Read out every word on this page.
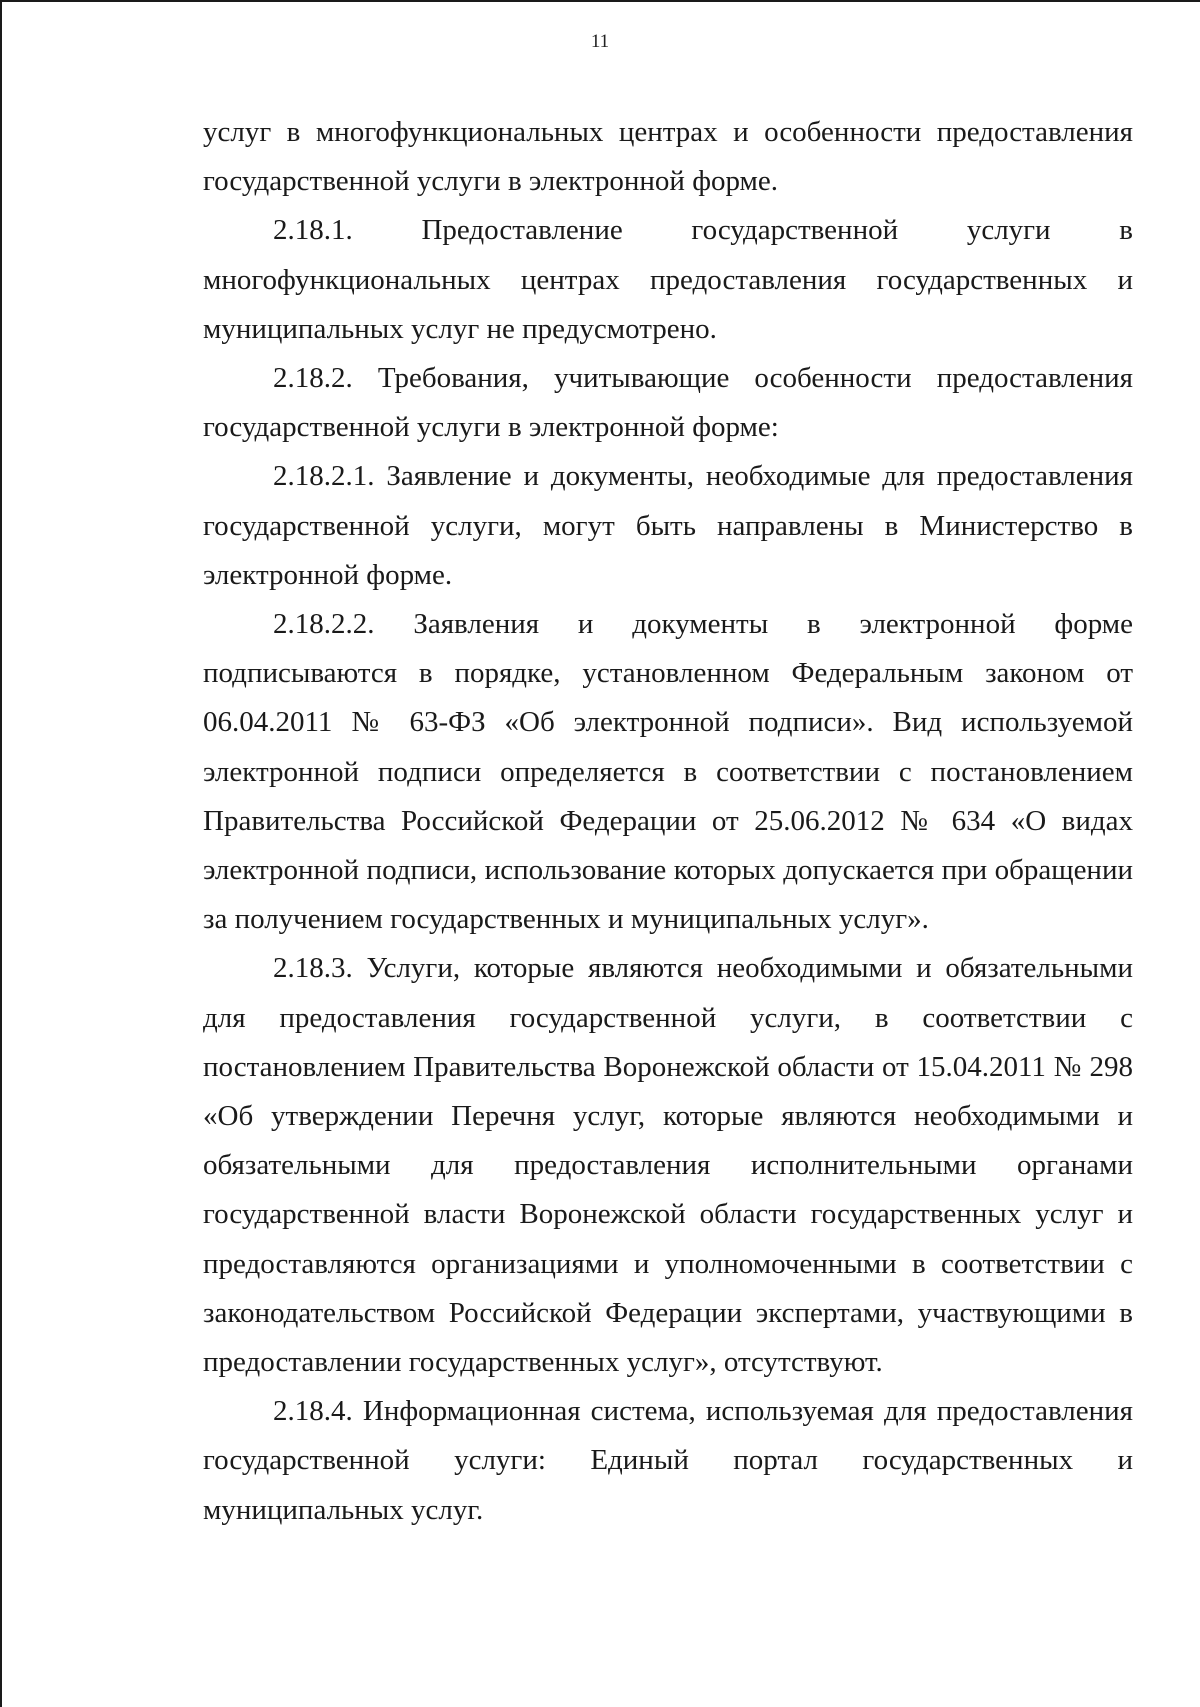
11

услуг в многофункциональных центрах и особенности предоставления государственной услуги в электронной форме.

2.18.1. Предоставление государственной услуги в многофункциональных центрах предоставления государственных и муниципальных услуг не предусмотрено.

2.18.2. Требования, учитывающие особенности предоставления государственной услуги в электронной форме:

2.18.2.1. Заявление и документы, необходимые для предоставления государственной услуги, могут быть направлены в Министерство в электронной форме.

2.18.2.2. Заявления и документы в электронной форме подписываются в порядке, установленном Федеральным законом от 06.04.2011 № 63-ФЗ «Об электронной подписи». Вид используемой электронной подписи определяется в соответствии с постановлением Правительства Российской Федерации от 25.06.2012 № 634 «О видах электронной подписи, использование которых допускается при обращении за получением государственных и муниципальных услуг».

2.18.3. Услуги, которые являются необходимыми и обязательными для предоставления государственной услуги, в соответствии с постановлением Правительства Воронежской области от 15.04.2011 № 298 «Об утверждении Перечня услуг, которые являются необходимыми и обязательными для предоставления исполнительными органами государственной власти Воронежской области государственных услуг и предоставляются организациями и уполномоченными в соответствии с законодательством Российской Федерации экспертами, участвующими в предоставлении государственных услуг», отсутствуют.

2.18.4. Информационная система, используемая для предоставления государственной услуги: Единый портал государственных и муниципальных услуг.
